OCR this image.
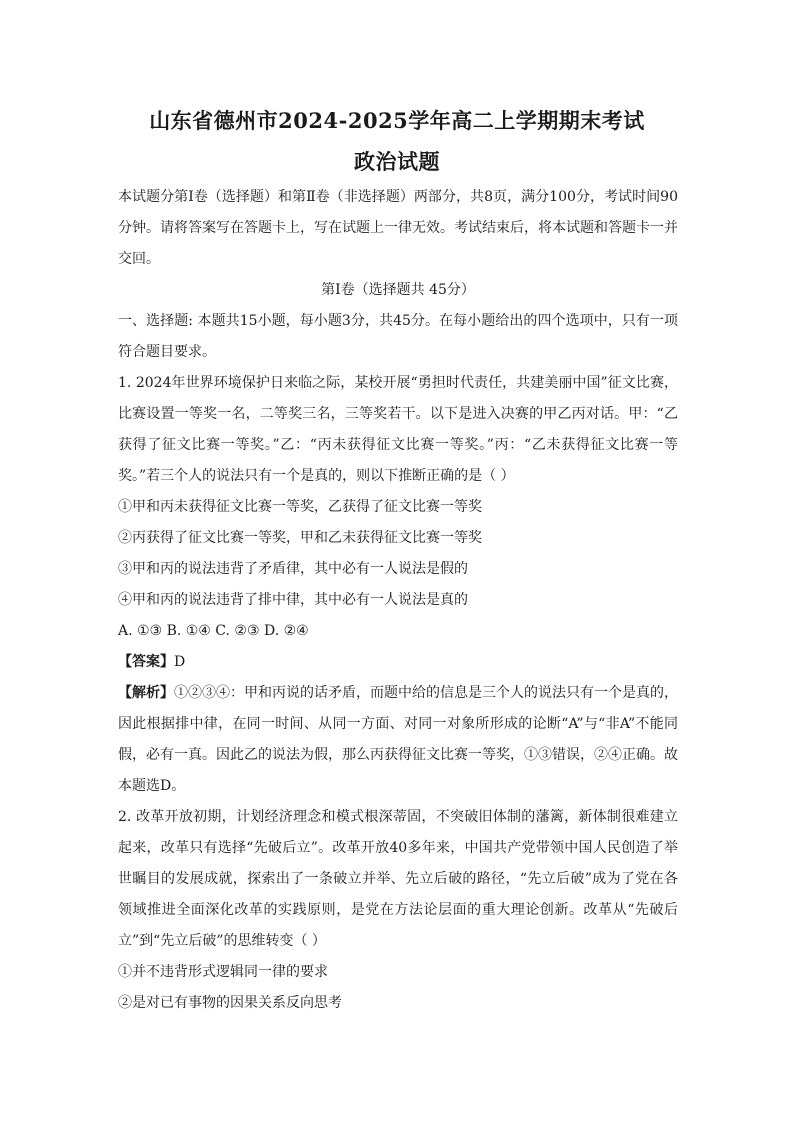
山东省德州市2024-2025学年高二上学期期末考试
政治试题

本试题分第Ⅰ卷（选择题）和第Ⅱ卷（非选择题）两部分，共8页，满分100分，考试时间90分钟。请将答案写在答题卡上，写在试题上一律无效。考试结束后，将本试题和答题卡一并交回。

第Ⅰ卷（选择题共 45分）

一、选择题: 本题共15小题，每小题3分，共45分。在每小题给出的四个选项中，只有一项符合题目要求。

1. 2024年世界环境保护日来临之际，某校开展“勇担时代责任，共建美丽中国”征文比赛，比赛设置一等奖一名，二等奖三名，三等奖若干。以下是进入决赛的甲乙丙对话。甲：“乙获得了征文比赛一等奖。”乙：“丙未获得征文比赛一等奖。”丙：“乙未获得征文比赛一等奖。”若三个人的说法只有一个是真的，则以下推断正确的是（ ）

①甲和丙未获得征文比赛一等奖，乙获得了征文比赛一等奖

②丙获得了征文比赛一等奖，甲和乙未获得征文比赛一等奖

③甲和丙的说法违背了矛盾律，其中必有一人说法是假的

④甲和丙的说法违背了排中律，其中必有一人说法是真的

A. ①③ B. ①④ C. ②③ D. ②④

【答案】D

【解析】①②③④：甲和丙说的话矛盾，而题中给的信息是三个人的说法只有一个是真的，因此根据排中律，在同一时间、从同一方面、对同一对象所形成的论断“A”与“非A”不能同假，必有一真。因此乙的说法为假，那么丙获得征文比赛一等奖，①③错误，②④正确。故本题选D。

2. 改革开放初期，计划经济理念和模式根深蒂固，不突破旧体制的藩篱，新体制很难建立起来，改革只有选择“先破后立”。改革开放40多年来，中国共产党带领中国人民创造了举世瞩目的发展成就，探索出了一条破立并举、先立后破的路径，“先立后破”成为了党在各领域推进全面深化改革的实践原则，是党在方法论层面的重大理论创新。改革从“先破后立”到“先立后破”的思维转变（ ）

①并不违背形式逻辑同一律的要求

②是对已有事物的因果关系反向思考
